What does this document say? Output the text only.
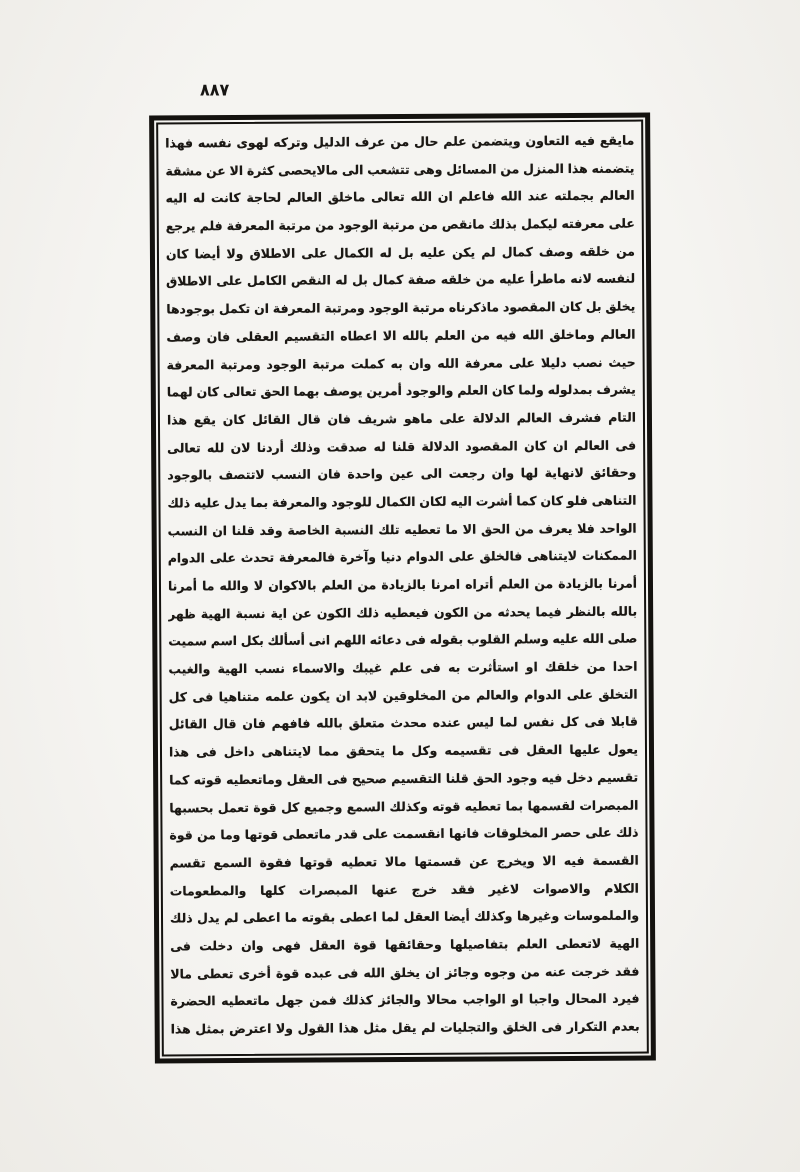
٨٨٧
مايقع فيه التعاون ويتضمن علم حال من عرف الدليل وتركه لهوى نفسه فهذا
يتضمنه هذا المنزل من المسائل وهى تتشعب الى مالايحصى كثرة الا عن مشقة
العالم بجملته عند الله فاعلم ان الله تعالى ماخلق العالم لحاجة كانت له اليه
على معرفته ليكمل بذلك مانقص من مرتبة الوجود من مرتبة المعرفة فلم يرجع
من خلقه وصف كمال لم يكن عليه بل له الكمال على الاطلاق ولا أيضا كان
لنفسه لانه ماطرأ عليه من خلقه صفة كمال بل له النقص الكامل على الاطلاق
يخلق بل كان المقصود ماذكرناه مرتبة الوجود ومرتبة المعرفة ان تكمل بوجودها
العالم وماخلق الله فيه من العلم بالله الا اعطاه التقسيم العقلى فان وصف
حيث نصب دليلا على معرفة الله وان به كملت مرتبة الوجود ومرتبة المعرفة
يشرف بمدلوله ولما كان العلم والوجود أمرين يوصف بهما الحق تعالى كان لهما
التام فشرف العالم الدلالة على ماهو شريف فان قال القائل كان يقع هذا
فى العالم ان كان المقصود الدلالة قلنا له صدقت وذلك أردنا لان لله تعالى
وحقائق لانهاية لها وان رجعت الى عين واحدة فان النسب لاتتصف بالوجود
التناهى فلو كان كما أشرت اليه لكان الكمال للوجود والمعرفة بما يدل عليه ذلك
الواحد فلا يعرف من الحق الا ما تعطيه تلك النسبة الخاصة وقد قلنا ان النسب
الممكنات لايتناهى فالخلق على الدوام دنيا وآخرة فالمعرفة تحدث على الدوام
أمرنا بالزيادة من العلم أتراه امرنا بالزيادة من العلم بالاكوان لا والله ما أمرنا
بالله بالنظر فيما يحدثه من الكون فيعطيه ذلك الكون عن اية نسبة الهية ظهر
صلى الله عليه وسلم القلوب بقوله فى دعائه اللهم انى أسألك بكل اسم سميت
احدا من خلقك او استأثرت به فى علم غيبك والاسماء نسب الهية والغيب
التخلق على الدوام والعالم من المخلوقين لابد ان يكون علمه متناهيا فى كل
قابلا فى كل نفس لما ليس عنده محدث متعلق بالله فافهم فان قال القائل
يعول عليها العقل فى تقسيمه وكل ما يتحقق مما لايتناهى داخل فى هذا
تقسيم دخل فيه وجود الحق قلنا التقسيم صحيح فى العقل وماتعطيه قوته كما
المبصرات لقسمها بما تعطيه قوته وكذلك السمع وجميع كل قوة تعمل بحسبها
ذلك على حصر المخلوقات فانها انقسمت على قدر ماتعطى قوتها وما من قوة
القسمة فيه الا ويخرج عن قسمتها مالا تعطيه قوتها فقوة السمع تقسم
الكلام والاصوات لاغير فقد خرج عنها المبصرات كلها والمطعومات
والملموسات وغيرها وكذلك أيضا العقل لما اعطى بقوته ما اعطى لم يدل ذلك
الهية لاتعطى العلم بتفاصيلها وحقائقها قوة العقل فهى وان دخلت فى
فقد خرجت عنه من وجوه وجائز ان يخلق الله فى عبده قوة أخرى تعطى مالا
فيرد المحال واجبا او الواجب محالا والجائز كذلك فمن جهل ماتعطيه الحضرة
بعدم التكرار فى الخلق والتجليات لم يقل مثل هذا القول ولا اعترض بمثل هذا
